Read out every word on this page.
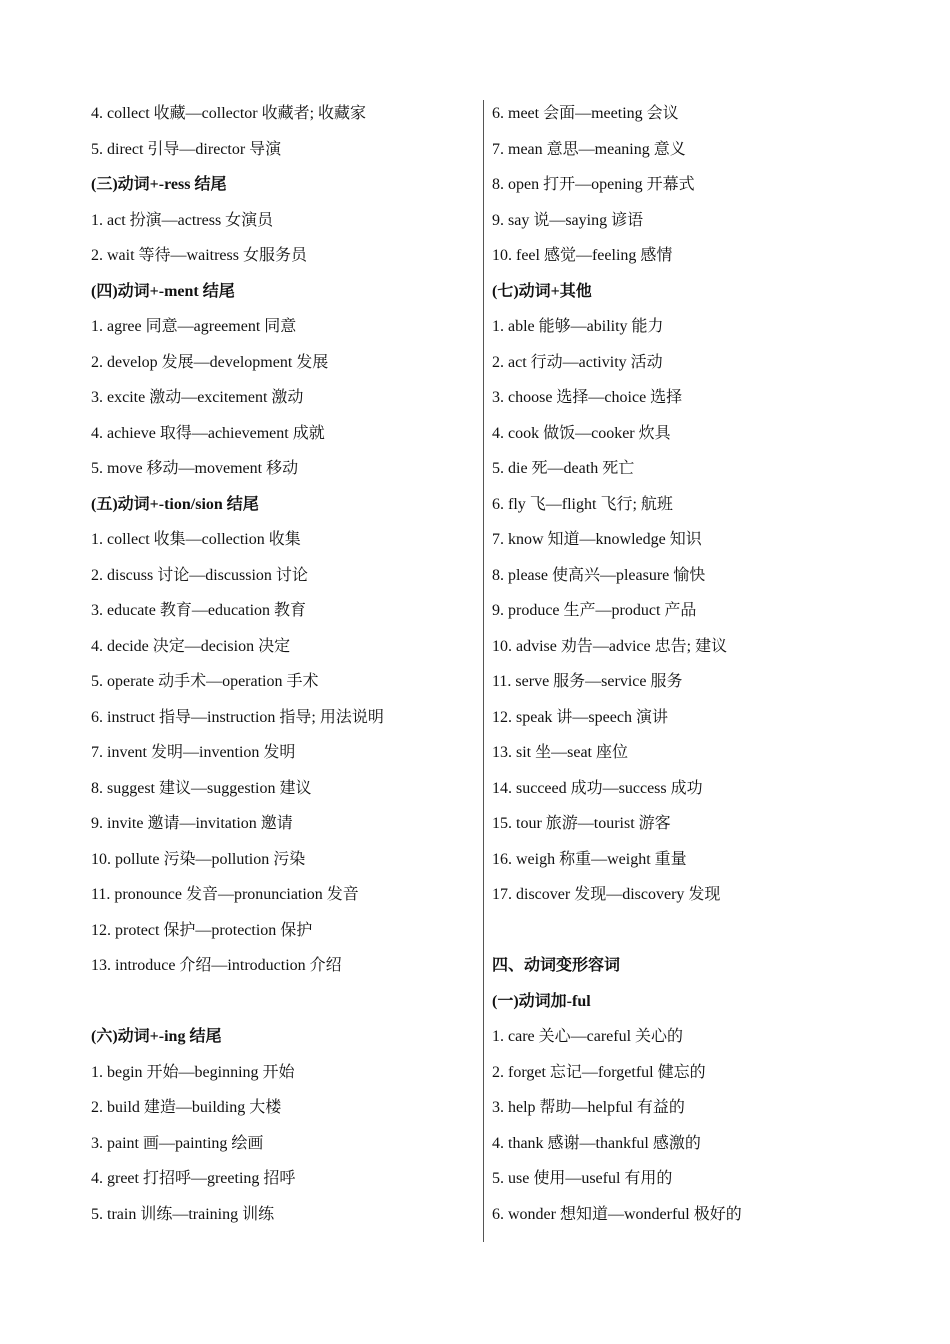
4. collect 收藏—collector 收藏者; 收藏家
5. direct 引导—director 导演
(三)动词+-ress 结尾
1. act 扮演—actress 女演员
2. wait 等待—waitress 女服务员
(四)动词+-ment 结尾
1. agree 同意—agreement 同意
2. develop 发展—development 发展
3. excite 激动—excitement 激动
4. achieve 取得—achievement 成就
5. move 移动—movement 移动
(五)动词+-tion/sion 结尾
1. collect 收集—collection 收集
2. discuss 讨论—discussion 讨论
3. educate 教育—education 教育
4. decide 决定—decision 决定
5. operate 动手术—operation 手术
6. instruct 指导—instruction 指导; 用法说明
7. invent 发明—invention 发明
8. suggest 建议—suggestion 建议
9. invite 邀请—invitation 邀请
10. pollute 污染—pollution 污染
11. pronounce 发音—pronunciation 发音
12. protect 保护—protection 保护
13. introduce 介绍—introduction 介绍
(六)动词+-ing 结尾
1. begin 开始—beginning 开始
2. build 建造—building 大楼
3. paint 画—painting 绘画
4. greet 打招呼—greeting 招呼
5. train 训练—training 训练
6. meet 会面—meeting 会议
7. mean 意思—meaning 意义
8. open 打开—opening 开幕式
9. say 说—saying 谚语
10. feel 感觉—feeling 感情
(七)动词+其他
1. able 能够—ability 能力
2. act 行动—activity 活动
3. choose 选择—choice 选择
4. cook 做饭—cooker 炊具
5. die 死—death 死亡
6. fly 飞—flight 飞行; 航班
7. know 知道—knowledge 知识
8. please 使高兴—pleasure 愉快
9. produce 生产—product 产品
10. advise 劝告—advice 忠告; 建议
11. serve 服务—service 服务
12. speak 讲—speech 演讲
13. sit 坐—seat 座位
14. succeed 成功—success 成功
15. tour 旅游—tourist 游客
16. weigh 称重—weight 重量
17. discover 发现—discovery 发现
四、动词变形容词
(一)动词加-ful
1. care 关心—careful 关心的
2. forget 忘记—forgetful 健忘的
3. help 帮助—helpful 有益的
4. thank 感谢—thankful 感激的
5. use 使用—useful 有用的
6. wonder 想知道—wonderful 极好的
